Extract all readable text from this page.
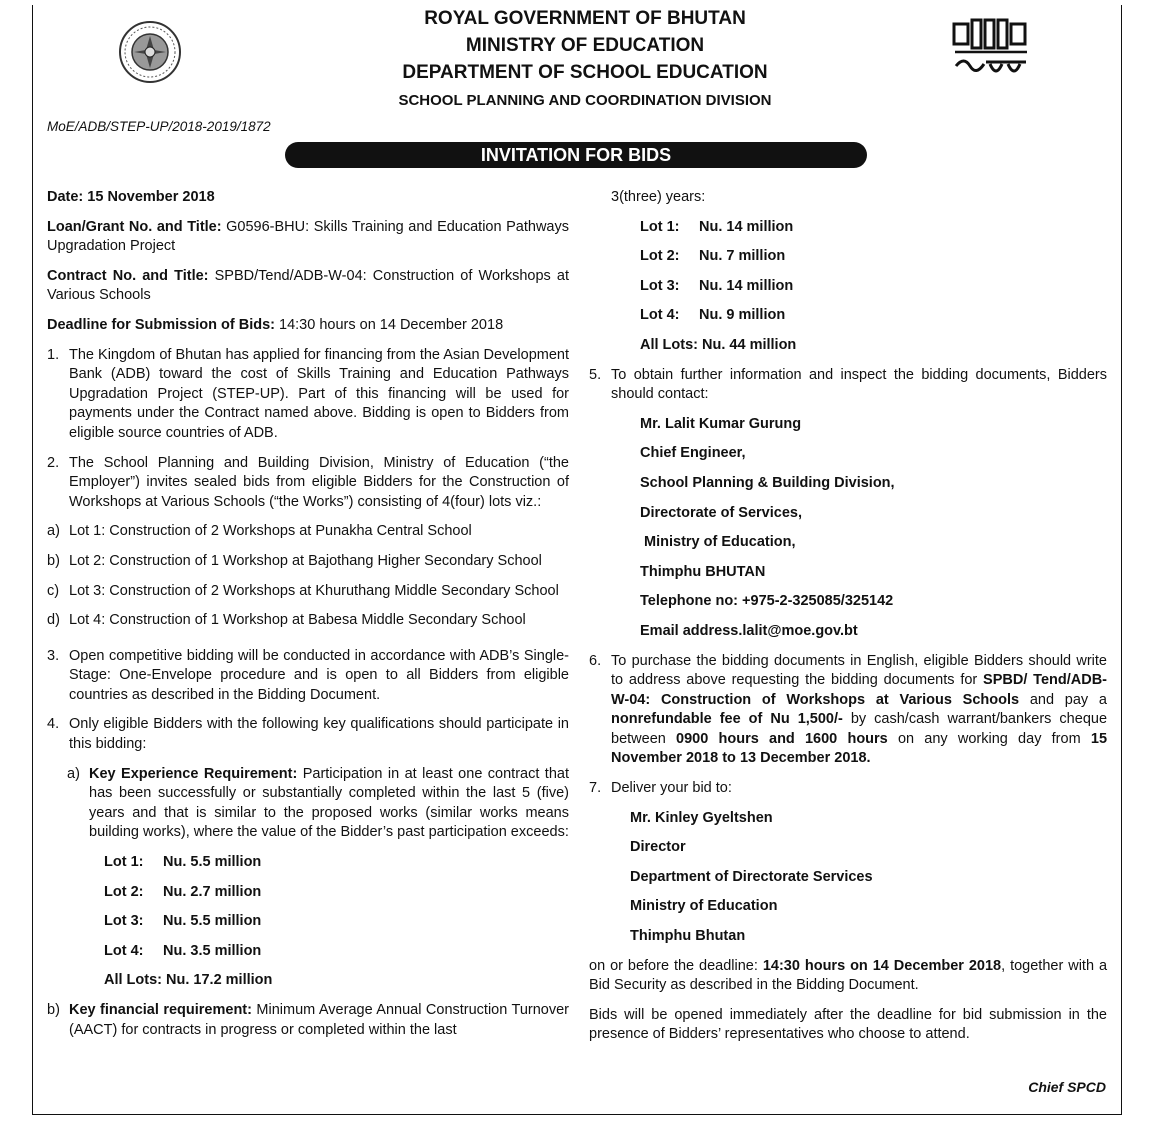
ROYAL GOVERNMENT OF BHUTAN
MINISTRY OF EDUCATION
DEPARTMENT OF SCHOOL EDUCATION
SCHOOL PLANNING AND COORDINATION DIVISION
MoE/ADB/STEP-UP/2018-2019/1872
INVITATION FOR BIDS

Date: 15 November 2018

Loan/Grant No. and Title: G0596-BHU: Skills Training and Education Pathways Upgradation Project

Contract No. and Title: SPBD/Tend/ADB-W-04: Construction of Workshops at Various Schools

Deadline for Submission of Bids: 14:30 hours on 14 December 2018

1. The Kingdom of Bhutan has applied for financing from the Asian Development Bank (ADB) toward the cost of Skills Training and Education Pathways Upgradation Project (STEP-UP). Part of this financing will be used for payments under the Contract named above. Bidding is open to Bidders from eligible source countries of ADB.
2. The School Planning and Building Division, Ministry of Education (“the Employer”) invites sealed bids from eligible Bidders for the Construction of Workshops at Various Schools (“the Works”) consisting of 4(four) lots viz.:
a) Lot 1: Construction of 2 Workshops at Punakha Central School
b) Lot 2: Construction of 1 Workshop at Bajothang Higher Secondary School
c) Lot 3: Construction of 2 Workshops at Khuruthang Middle Secondary School
d) Lot 4: Construction of 1 Workshop at Babesa Middle Secondary School
3. Open competitive bidding will be conducted in accordance with ADB’s Single-Stage: One-Envelope procedure and is open to all Bidders from eligible countries as described in the Bidding Document.
4. Only eligible Bidders with the following key qualifications should participate in this bidding:
a) Key Experience Requirement: Participation in at least one contract that has been successfully or substantially completed within the last 5 (five) years and that is similar to the proposed works (similar works means building works), where the value of the Bidder’s past participation exceeds:
Lot 1:	Nu. 5.5 million
Lot 2:	Nu. 2.7 million
Lot 3:	Nu. 5.5 million
Lot 4:	Nu. 3.5 million
All Lots: Nu. 17.2 million
b) Key financial requirement: Minimum Average Annual Construction Turnover (AACT) for contracts in progress or completed within the last

3(three) years:

Lot 1:	Nu. 14 million
Lot 2:	Nu. 7 million
Lot 3:	Nu. 14 million
Lot 4:	Nu. 9 million
All Lots: Nu. 44 million
5. To obtain further information and inspect the bidding documents, Bidders should contact:

Mr. Lalit Kumar Gurung

Chief Engineer,

School Planning & Building Division,

Directorate of Services,

Ministry of Education,

Thimphu BHUTAN

Telephone no: +975-2-325085/325142

Email address.lalit@moe.gov.bt

6. To purchase the bidding documents in English, eligible Bidders should write to address above requesting the bidding documents for SPBD/ Tend/ADB-W-04: Construction of Workshops at Various Schools and pay a nonrefundable fee of Nu 1,500/- by cash/cash warrant/bankers cheque between 0900 hours and 1600 hours on any working day from 15 November 2018 to 13 December 2018.
7. Deliver your bid to:

Mr. Kinley Gyeltshen

Director

Department of Directorate Services

Ministry of Education

Thimphu Bhutan

on or before the deadline: 14:30 hours on 14 December 2018, together with a Bid Security as described in the Bidding Document.

Bids will be opened immediately after the deadline for bid submission in the presence of Bidders’ representatives who choose to attend.

Chief SPCD
